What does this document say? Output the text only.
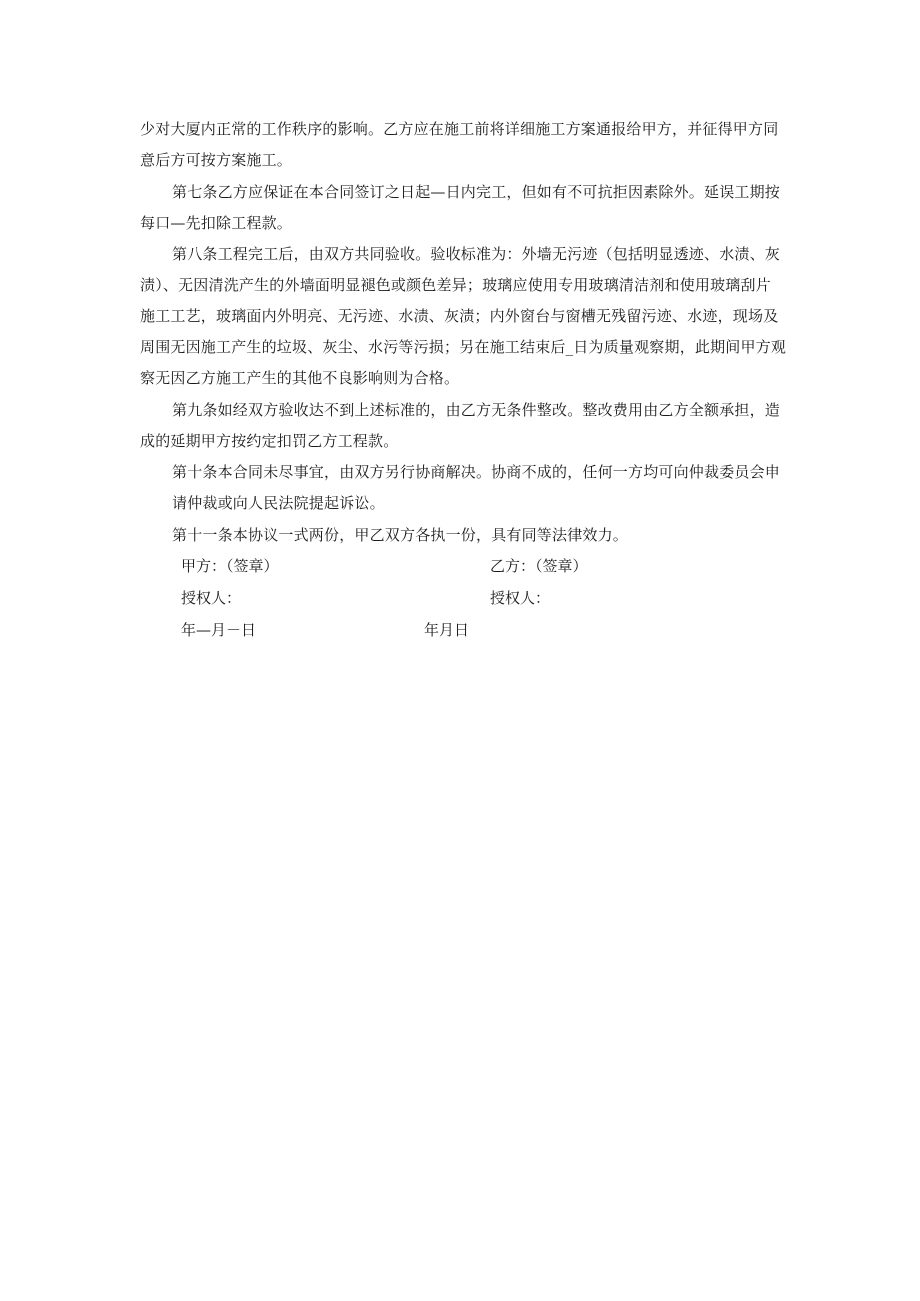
少对大厦内正常的工作秩序的影响。乙方应在施工前将详细施工方案通报给甲方，并征得甲方同
意后方可按方案施工。
第七条乙方应保证在本合同签订之日起—日内完工，但如有不可抗拒因素除外。延误工期按
每口—先扣除工程款。
第八条工程完工后，由双方共同验收。验收标准为：外墙无污迹（包括明显透迹、水渍、灰
渍）、无因清洗产生的外墙面明显褪色或颜色差异；玻璃应使用专用玻璃清洁剂和使用玻璃刮片
施工工艺，玻璃面内外明亮、无污迹、水渍、灰渍；内外窗台与窗槽无残留污迹、水迹，现场及
周围无因施工产生的垃圾、灰尘、水污等污损；另在施工结束后_日为质量观察期，此期间甲方观
察无因乙方施工产生的其他不良影响则为合格。
第九条如经双方验收达不到上述标准的，由乙方无条件整改。整改费用由乙方全额承担，造
成的延期甲方按约定扣罚乙方工程款。
第十条本合同未尽事宜，由双方另行协商解决。协商不成的，任何一方均可向仲裁委员会申
请仲裁或向人民法院提起诉讼。
第十一条本协议一式两份，甲乙双方各执一份，具有同等法律效力。
甲方：（签章）	乙方：（签章）
授权人：	授权人：
年—月－日	年月日
